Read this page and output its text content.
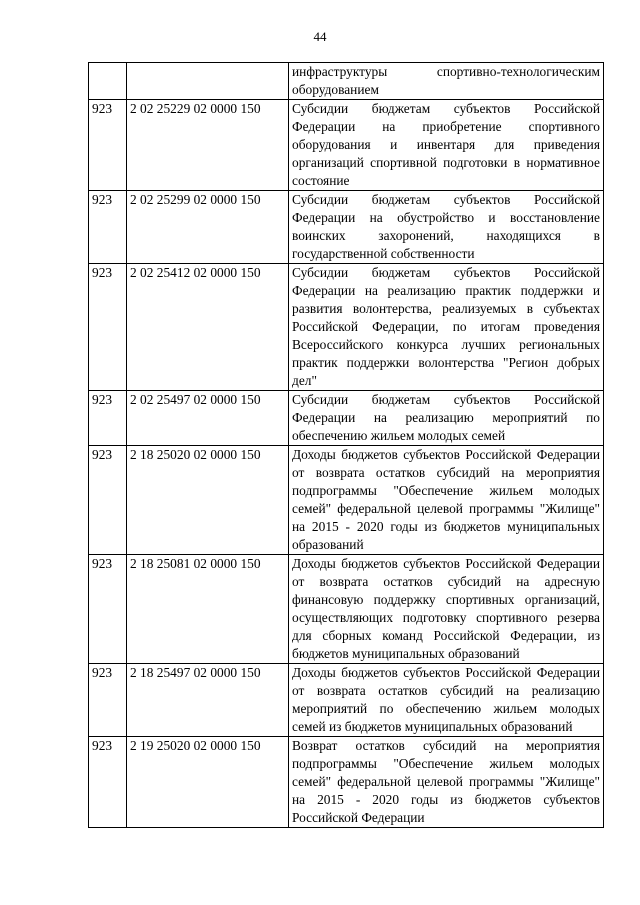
44
		инфраструктуры спортивно-технологическим оборудованием
923	2 02 25229 02 0000 150	Субсидии бюджетам субъектов Российской Федерации на приобретение спортивного оборудования и инвентаря для приведения организаций спортивной подготовки в нормативное состояние
923	2 02 25299 02 0000 150	Субсидии бюджетам субъектов Российской Федерации на обустройство и восстановление воинских захоронений, находящихся в государственной собственности
923	2 02 25412 02 0000 150	Субсидии бюджетам субъектов Российской Федерации на реализацию практик поддержки и развития волонтерства, реализуемых в субъектах Российской Федерации, по итогам проведения Всероссийского конкурса лучших региональных практик поддержки волонтерства "Регион добрых дел"
923	2 02 25497 02 0000 150	Субсидии бюджетам субъектов Российской Федерации на реализацию мероприятий по обеспечению жильем молодых семей
923	2 18 25020 02 0000 150	Доходы бюджетов субъектов Российской Федерации от возврата остатков субсидий на мероприятия подпрограммы "Обеспечение жильем молодых семей" федеральной целевой программы "Жилище" на 2015 - 2020 годы из бюджетов муниципальных образований
923	2 18 25081 02 0000 150	Доходы бюджетов субъектов Российской Федерации от возврата остатков субсидий на адресную финансовую поддержку спортивных организаций, осуществляющих подготовку спортивного резерва для сборных команд Российской Федерации, из бюджетов муниципальных образований
923	2 18 25497 02 0000 150	Доходы бюджетов субъектов Российской Федерации от возврата остатков субсидий на реализацию мероприятий по обеспечению жильем молодых семей из бюджетов муниципальных образований
923	2 19 25020 02 0000 150	Возврат остатков субсидий на мероприятия подпрограммы "Обеспечение жильем молодых семей" федеральной целевой программы "Жилище" на 2015 - 2020 годы из бюджетов субъектов Российской Федерации
